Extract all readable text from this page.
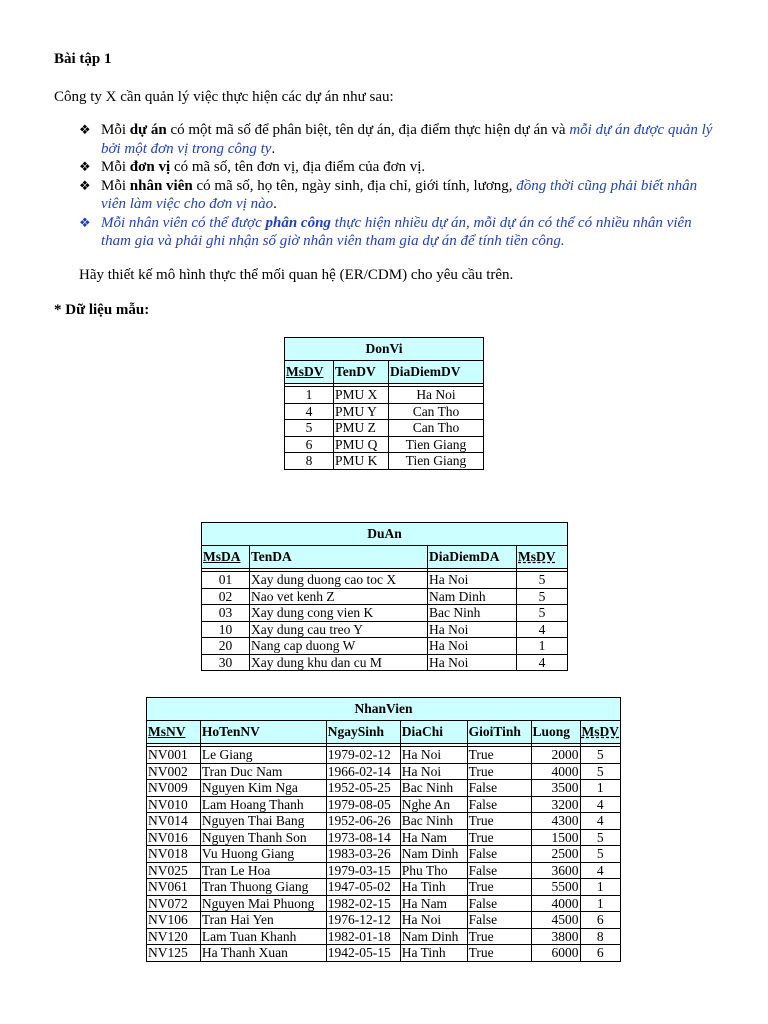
Bài tập 1
Công ty X cần quản lý việc thực hiện các dự án như sau:
❖ Mỗi dự án có một mã số để phân biệt, tên dự án, địa điểm thực hiện dự án và mỗi dự án được quản lý bởi một đơn vị trong công ty.
❖ Mỗi đơn vị có mã số, tên đơn vị, địa điểm của đơn vị.
❖ Mỗi nhân viên có mã số, họ tên, ngày sinh, địa chỉ, giới tính, lương, đồng thời cũng phải biết nhân viên làm việc cho đơn vị nào.
❖ Mỗi nhân viên có thể được phân công thực hiện nhiều dự án, mỗi dự án có thể có nhiều nhân viên tham gia và phải ghi nhận số giờ nhân viên tham gia dự án để tính tiền công.
Hãy thiết kế mô hình thực thể mối quan hệ (ER/CDM) cho yêu cầu trên.
* Dữ liệu mẫu:
DonVi		
MsDV	TenDV	DiaDiemDV

1	PMU X	Ha Noi
4	PMU Y	Can Tho
5	PMU Z	Can Tho
6	PMU Q	Tien Giang
8	PMU K	Tien Giang
DuAn			
MsDA	TenDA	DiaDiemDA	MsDV

01	Xay dung duong cao toc X	Ha Noi	5
02	Nao vet kenh Z	Nam Dinh	5
03	Xay dung cong vien K	Bac Ninh	5
10	Xay dung cau treo Y	Ha Noi	4
20	Nang cap duong W	Ha Noi	1
30	Xay dung khu dan cu M	Ha Noi	4
NhanVien						
MsNV	HoTenNV	NgaySinh	DiaChi	GioiTinh	Luong	MsDV

NV001	Le Giang	1979-02-12	Ha Noi	True	2000	5
NV002	Tran Duc Nam	1966-02-14	Ha Noi	True	4000	5
NV009	Nguyen Kim Nga	1952-05-25	Bac Ninh	False	3500	1
NV010	Lam Hoang Thanh	1979-08-05	Nghe An	False	3200	4
NV014	Nguyen Thai Bang	1952-06-26	Bac Ninh	True	4300	4
NV016	Nguyen Thanh Son	1973-08-14	Ha Nam	True	1500	5
NV018	Vu Huong Giang	1983-03-26	Nam Dinh	False	2500	5
NV025	Tran Le Hoa	1979-03-15	Phu Tho	False	3600	4
NV061	Tran Thuong Giang	1947-05-02	Ha Tinh	True	5500	1
NV072	Nguyen Mai Phuong	1982-02-15	Ha Nam	False	4000	1
NV106	Tran Hai Yen	1976-12-12	Ha Noi	False	4500	6
NV120	Lam Tuan Khanh	1982-01-18	Nam Dinh	True	3800	8
NV125	Ha Thanh Xuan	1942-05-15	Ha Tinh	True	6000	6
